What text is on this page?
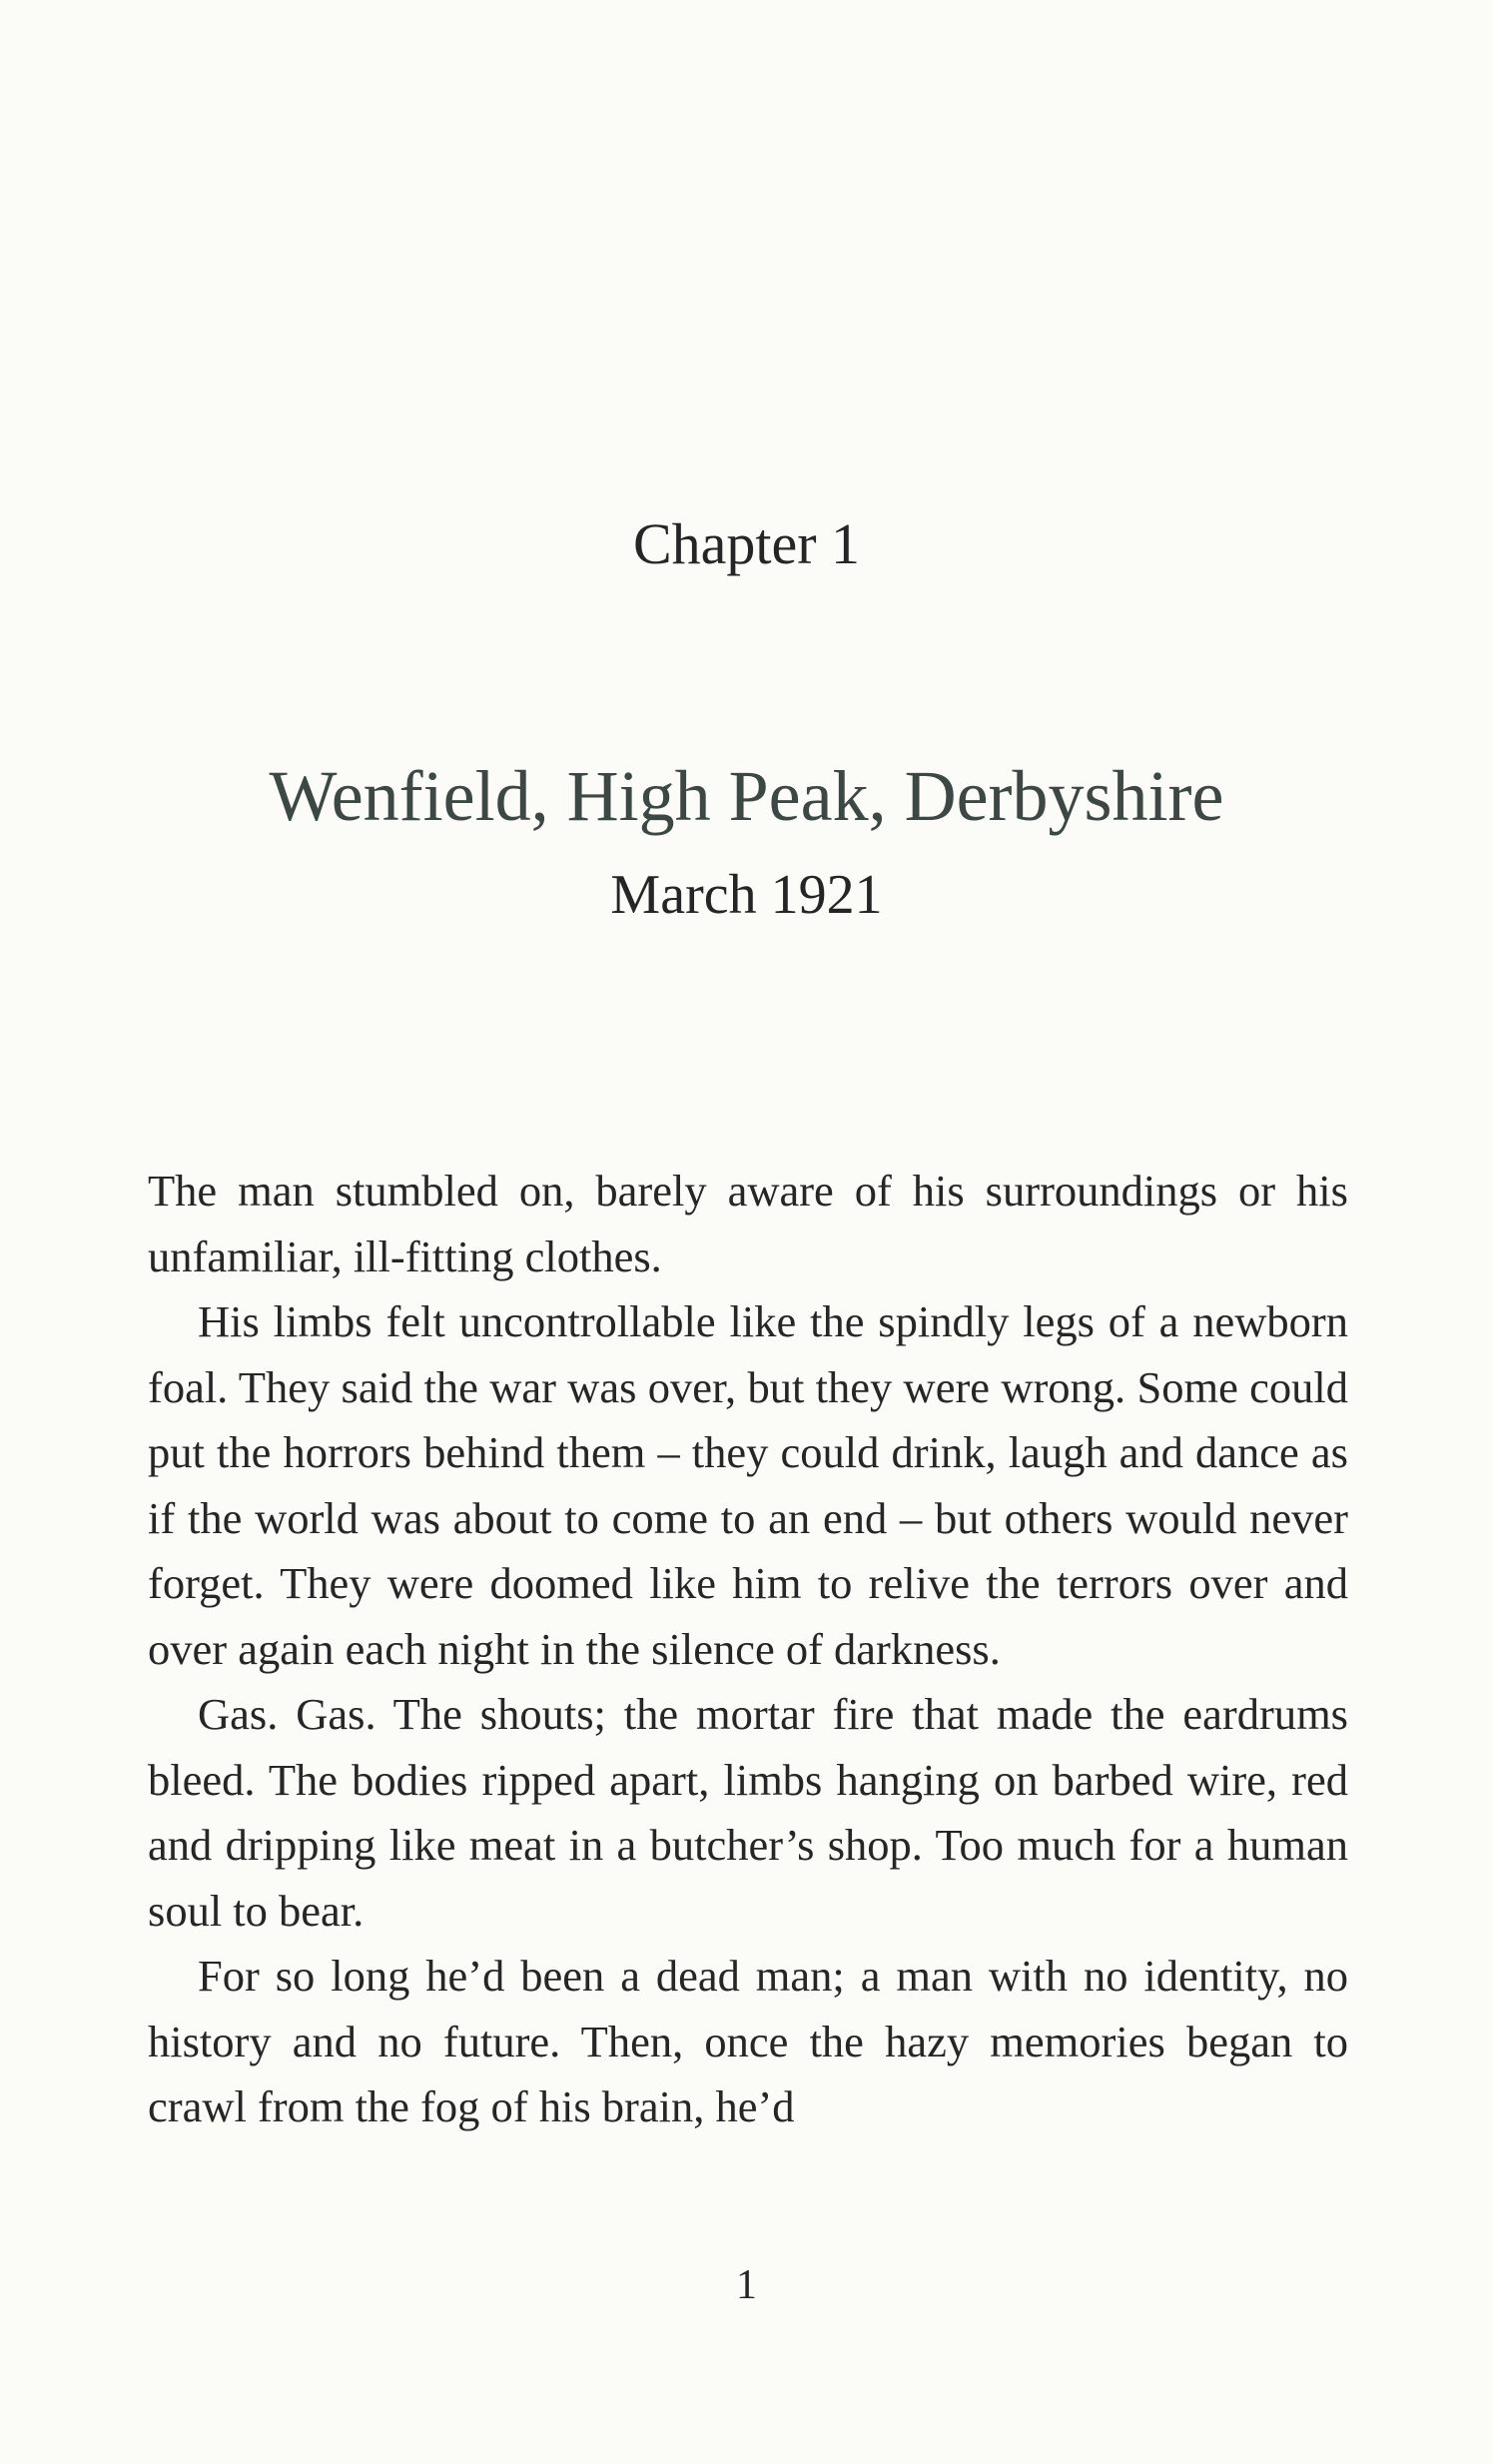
Chapter 1
Wenfield, High Peak, Derbyshire
March 1921

The man stumbled on, barely aware of his surroundings or his unfamiliar, ill-fitting clothes.

His limbs felt uncontrollable like the spindly legs of a newborn foal. They said the war was over, but they were wrong. Some could put the horrors behind them – they could drink, laugh and dance as if the world was about to come to an end – but others would never forget. They were doomed like him to relive the terrors over and over again each night in the silence of darkness.

Gas. Gas. The shouts; the mortar fire that made the eardrums bleed. The bodies ripped apart, limbs hanging on barbed wire, red and dripping like meat in a butcher’s shop. Too much for a human soul to bear.

For so long he’d been a dead man; a man with no identity, no history and no future. Then, once the hazy memories began to crawl from the fog of his brain, he’d

1
